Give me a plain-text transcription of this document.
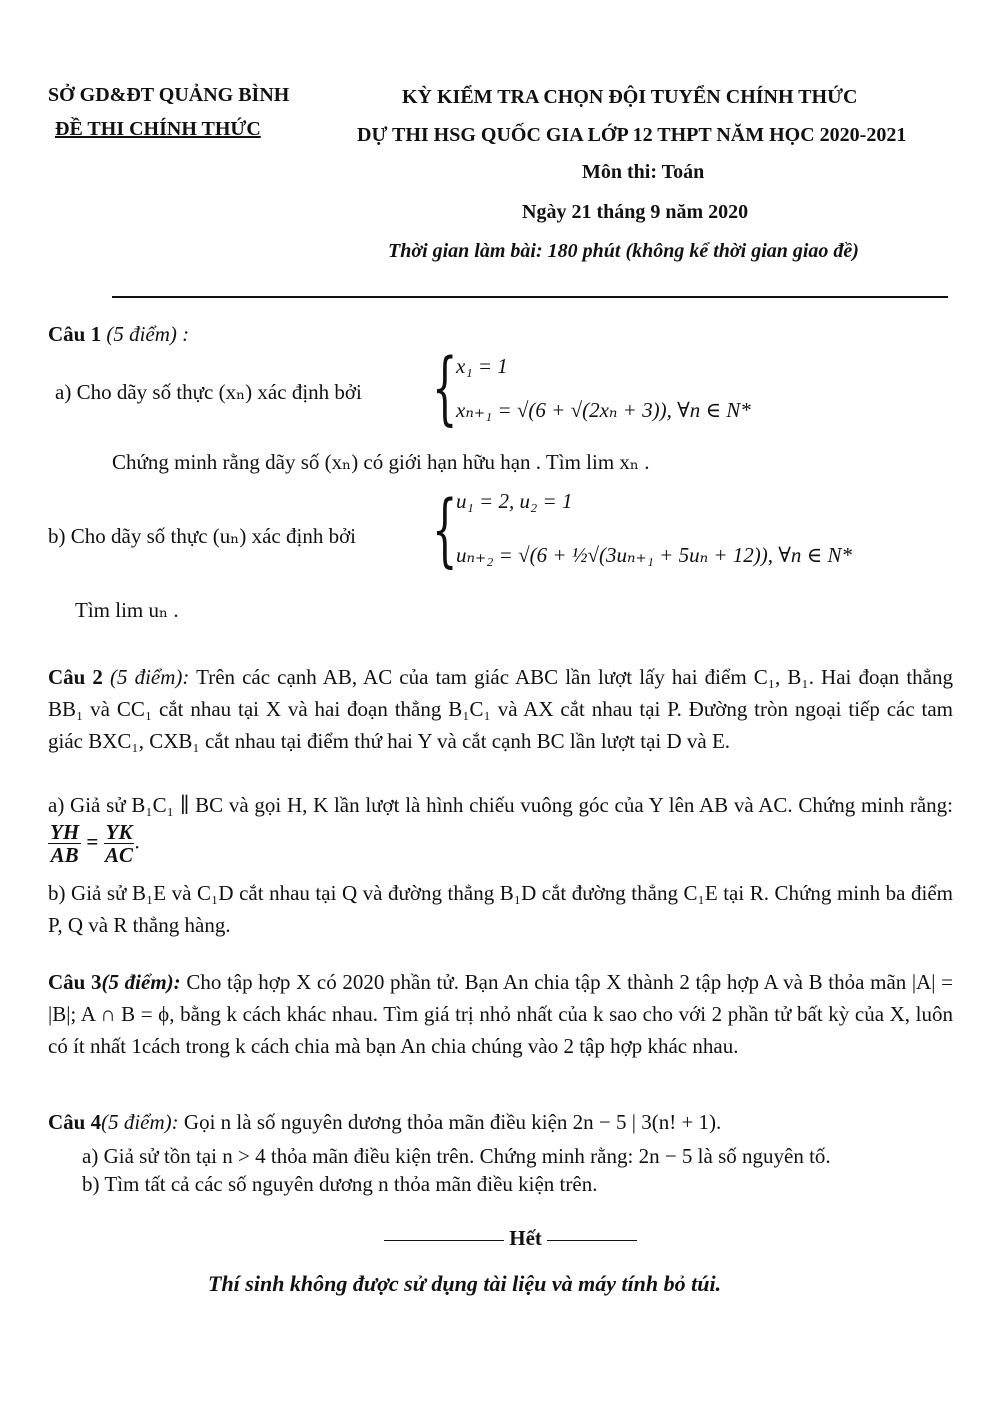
SỞ GD&ĐT QUẢNG BÌNH
ĐỀ THI CHÍNH THỨC
KỲ KIỂM TRA CHỌN ĐỘI TUYỂN CHÍNH THỨC
DỰ THI HSG QUỐC GIA LỚP 12 THPT NĂM HỌC 2020-2021
Môn thi: Toán
Ngày 21 tháng 9 năm 2020
Thời gian làm bài: 180 phút (không kể thời gian giao đề)
Câu 1 (5 điểm) :
a) Cho dãy số thực (xₙ) xác định bởi {
x₁ = 1
xₙ₊₁ = √(6 + √(2xₙ + 3)), ∀n ∈ N*
Chứng minh rằng dãy số (xₙ) có giới hạn hữu hạn . Tìm lim xₙ .
b) Cho dãy số thực (uₙ) xác định bởi {
u₁ = 2, u₂ = 1
uₙ₊₂ = √(6 + ½√(3uₙ₊₁ + 5uₙ + 12)), ∀n ∈ N*
Tìm lim uₙ .
Câu 2 (5 điểm): Trên các cạnh AB, AC của tam giác ABC lần lượt lấy hai điểm C₁, B₁. Hai đoạn thẳng BB₁ và CC₁ cắt nhau tại X và hai đoạn thẳng B₁C₁ và AX cắt nhau tại P. Đường tròn ngoại tiếp các tam giác BXC₁, CXB₁ cắt nhau tại điểm thứ hai Y và cắt cạnh BC lần lượt tại D và E.
a) Giả sử B₁C₁ ∥ BC và gọi H, K lần lượt là hình chiếu vuông góc của Y lên AB và AC. Chứng minh rằng:
$\frac{YH}{AB} = \frac{YK}{AC}$ .
b) Giả sử B₁E và C₁D cắt nhau tại Q và đường thẳng B₁D cắt đường thẳng C₁E tại R. Chứng minh ba điểm P, Q và R thẳng hàng.
Câu 3(5 điểm): Cho tập hợp X có 2020 phần tử. Bạn An chia tập X thành 2 tập hợp A và B thỏa mãn |A| = |B|; A ∩ B = ϕ, bằng k cách khác nhau. Tìm giá trị nhỏ nhất của k sao cho với 2 phần tử bất kỳ của X, luôn có ít nhất 1cách trong k cách chia mà bạn An chia chúng vào 2 tập hợp khác nhau.
Câu 4(5 điểm): Gọi n là số nguyên dương thỏa mãn điều kiện 2n − 5 | 3(n! + 1).
a) Giả sử tồn tại n > 4 thỏa mãn điều kiện trên. Chứng minh rằng: 2n − 5 là số nguyên tố.
b) Tìm tất cả các số nguyên dương n thỏa mãn điều kiện trên.
Hết
Thí sinh không được sử dụng tài liệu và máy tính bỏ túi.
